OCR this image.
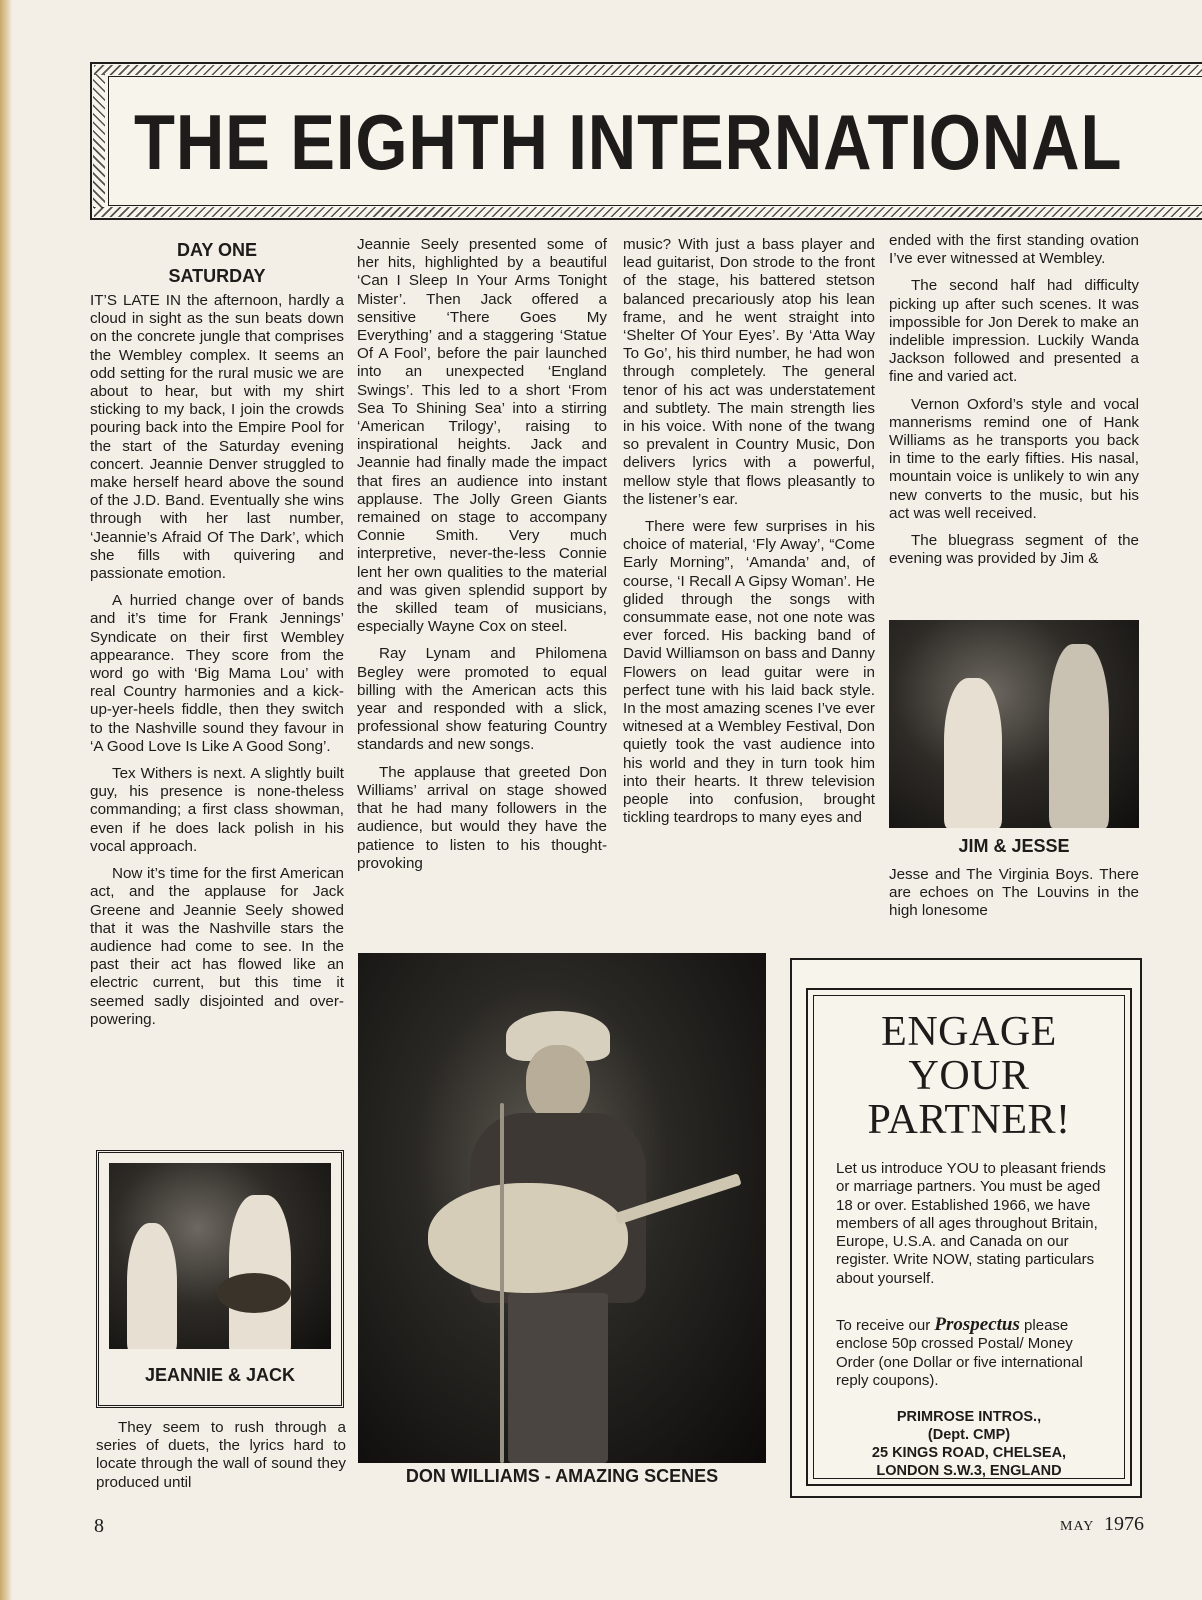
THE EIGHTH INTERNATIONAL
DAY ONE
SATURDAY

IT’S LATE IN the afternoon, hardly a cloud in sight as the sun beats down on the concrete jungle that comprises the Wembley complex. It seems an odd setting for the rural music we are about to hear, but with my shirt sticking to my back, I join the crowds pouring back into the Empire Pool for the start of the Saturday evening concert. Jeannie Denver struggled to make herself heard above the sound of the J.D. Band. Eventually she wins through with her last number, ‘Jeannie’s Afraid Of The Dark’, which she fills with quivering and passionate emotion.

A hurried change over of bands and it’s time for Frank Jennings’ Syndicate on their first Wembley appearance. They score from the word go with ‘Big Mama Lou’ with real Country harmonies and a kick-up-yer-heels fiddle, then they switch to the Nashville sound they favour in ‘A Good Love Is Like A Good Song’.

Tex Withers is next. A slightly built guy, his presence is none-theless commanding; a first class showman, even if he does lack polish in his vocal approach.

Now it’s time for the first American act, and the applause for Jack Greene and Jeannie Seely showed that it was the Nashville stars the audience had come to see. In the past their act has flowed like an electric current, but this time it seemed sadly disjointed and over-powering.

JEANNIE & JACK

They seem to rush through a series of duets, the lyrics hard to locate through the wall of sound they produced until

Jeannie Seely presented some of her hits, highlighted by a beautiful ‘Can I Sleep In Your Arms Tonight Mister’. Then Jack offered a sensitive ‘There Goes My Everything’ and a staggering ‘Statue Of A Fool’, before the pair launched into an unexpected ‘England Swings’. This led to a short ‘From Sea To Shining Sea’ into a stirring ‘American Trilogy’, raising to inspirational heights. Jack and Jeannie had finally made the impact that fires an audience into instant applause. The Jolly Green Giants remained on stage to accompany Connie Smith. Very much interpretive, never-the-less Connie lent her own qualities to the material and was given splendid support by the skilled team of musicians, especially Wayne Cox on steel.

Ray Lynam and Philomena Begley were promoted to equal billing with the American acts this year and responded with a slick, professional show featuring Country standards and new songs.

The applause that greeted Don Williams’ arrival on stage showed that he had many followers in the audience, but would they have the patience to listen to his thought-provoking

music? With just a bass player and lead guitarist, Don strode to the front of the stage, his battered stetson balanced precariously atop his lean frame, and he went straight into ‘Shelter Of Your Eyes’. By ‘Atta Way To Go’, his third number, he had won through completely. The general tenor of his act was understatement and subtlety. The main strength lies in his voice. With none of the twang so prevalent in Country Music, Don delivers lyrics with a powerful, mellow style that flows pleasantly to the listener’s ear.

There were few surprises in his choice of material, ‘Fly Away’, “Come Early Morning”, ‘Amanda’ and, of course, ‘I Recall A Gipsy Woman’. He glided through the songs with consummate ease, not one note was ever forced. His backing band of David Williamson on bass and Danny Flowers on lead guitar were in perfect tune with his laid back style. In the most amazing scenes I’ve ever witnesed at a Wembley Festival, Don quietly took the vast audience into his world and they in turn took him into their hearts. It threw television people into confusion, brought tickling teardrops to many eyes and

ended with the first standing ovation I’ve ever witnessed at Wembley.

The second half had difficulty picking up after such scenes. It was impossible for Jon Derek to make an indelible impression. Luckily Wanda Jackson followed and presented a fine and varied act.

Vernon Oxford’s style and vocal mannerisms remind one of Hank Williams as he transports you back in time to the early fifties. His nasal, mountain voice is unlikely to win any new converts to the music, but his act was well received.

The bluegrass segment of the evening was provided by Jim &

JIM & JESSE

Jesse and The Virginia Boys. There are echoes on The Louvins in the high lonesome

DON WILLIAMS - AMAZING SCENES
ENGAGE
YOUR
PARTNER!
Let us introduce YOU to pleasant friends or marriage partners. You must be aged 18 or over. Established 1966, we have members of all ages throughout Britain, Europe, U.S.A. and Canada on our register. Write NOW, stating particulars about yourself.
To receive our Prospectus please enclose 50p crossed Postal/ Money Order (one Dollar or five international reply coupons).
PRIMROSE INTROS.,
(Dept. CMP)
25 KINGS ROAD, CHELSEA,
LONDON S.W.3, ENGLAND
8	MAY 1976
